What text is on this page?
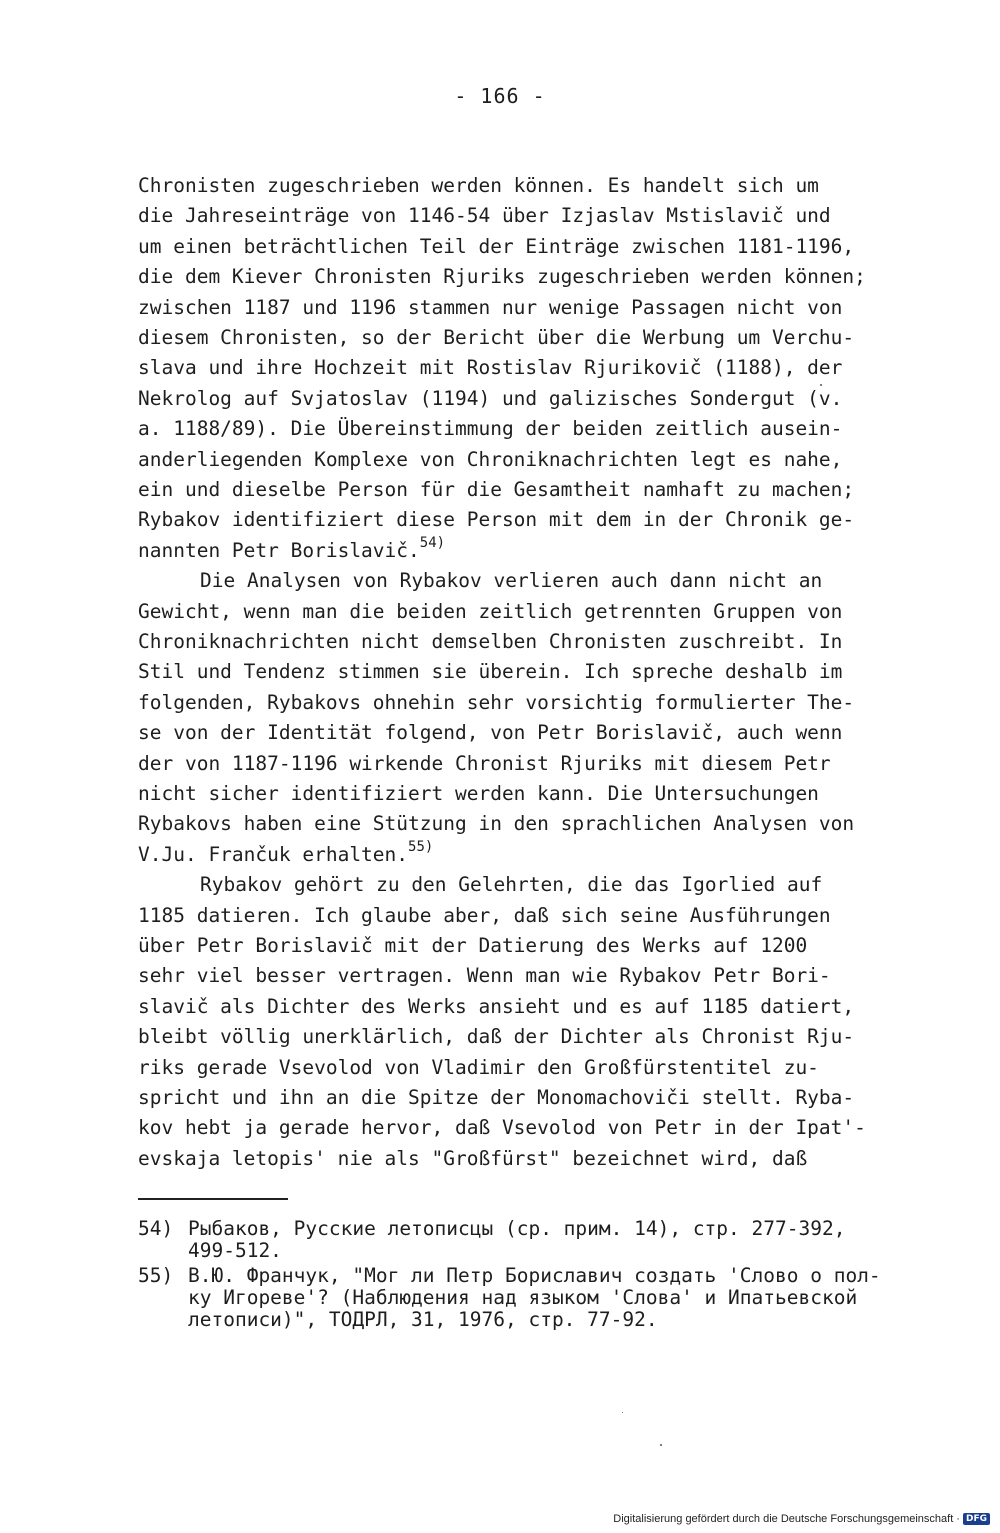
- 166 -
Chronisten zugeschrieben werden können. Es handelt sich um
die Jahreseinträge von 1146-54 über Izjaslav Mstislavič und
um einen beträchtlichen Teil der Einträge zwischen 1181-1196,
die dem Kiever Chronisten Rjuriks zugeschrieben werden können;
zwischen 1187 und 1196 stammen nur wenige Passagen nicht von
diesem Chronisten, so der Bericht über die Werbung um Verchu-
slava und ihre Hochzeit mit Rostislav Rjurikovič (1188), der
Nekrolog auf Svjatoslav (1194) und galizisches Sondergut (v.
a. 1188/89). Die Übereinstimmung der beiden zeitlich ausein-
anderliegenden Komplexe von Chroniknachrichten legt es nahe,
ein und dieselbe Person für die Gesamtheit namhaft zu machen;
Rybakov identifiziert diese Person mit dem in der Chronik ge-
nannten Petr Borislavič.$^{54)}$
Die Analysen von Rybakov verlieren auch dann nicht an
Gewicht, wenn man die beiden zeitlich getrennten Gruppen von
Chroniknachrichten nicht demselben Chronisten zuschreibt. In
Stil und Tendenz stimmen sie überein. Ich spreche deshalb im
folgenden, Rybakovs ohnehin sehr vorsichtig formulierter The-
se von der Identität folgend, von Petr Borislavič, auch wenn
der von 1187-1196 wirkende Chronist Rjuriks mit diesem Petr
nicht sicher identifiziert werden kann. Die Untersuchungen
Rybakovs haben eine Stützung in den sprachlichen Analysen von
V.Ju. Frančuk erhalten.$^{55)}$
Rybakov gehört zu den Gelehrten, die das Igorlied auf
1185 datieren. Ich glaube aber, daß sich seine Ausführungen
über Petr Borislavič mit der Datierung des Werks auf 1200
sehr viel besser vertragen. Wenn man wie Rybakov Petr Bori-
slavič als Dichter des Werks ansieht und es auf 1185 datiert,
bleibt völlig unerklärlich, daß der Dichter als Chronist Rju-
riks gerade Vsevolod von Vladimir den Großfürstentitel zu-
spricht und ihn an die Spitze der Monomachoviči stellt. Ryba-
kov hebt ja gerade hervor, daß Vsevolod von Petr in der Ipat'-
evskaja letopis' nie als "Großfürst" bezeichnet wird, daß
54) Рыбаков, Русские летописцы (ср. прим. 14), стр. 277-392,
499-512.
55) В.Ю. Франчук, "Мог ли Петр Бориславич создать 'Слово о пол-
ку Игореве'? (Наблюдения над языком 'Слова' и Ипатьевской
летописи)", ТОДРЛ, 31, 1976, стр. 77-92.
Digitalisierung gefördert durch die Deutsche Forschungsgemeinschaft · DFG
